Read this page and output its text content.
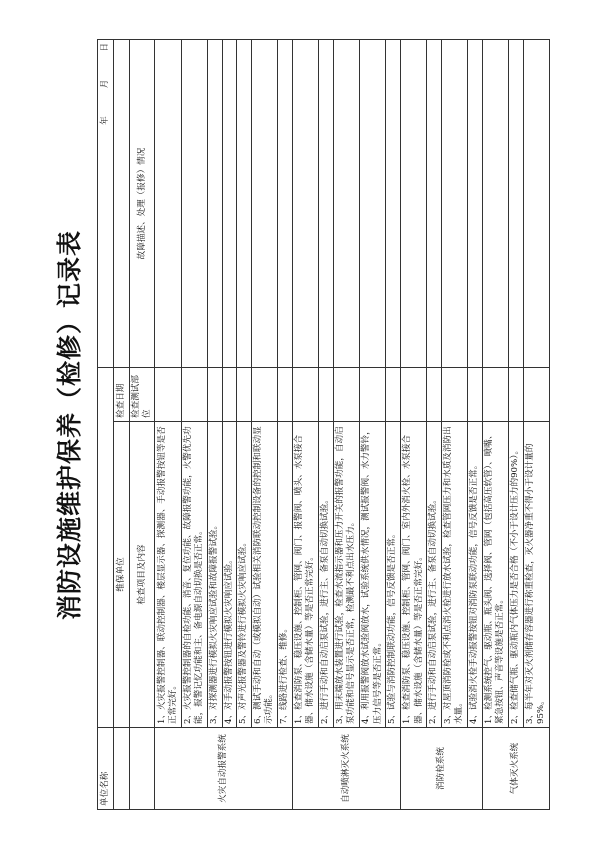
消防设施维护保养（检修）记录表
单位名称			年月日
	维保单位	检查日期	
	检查项目及内容	检查测试部位	故障描述、处理（报修）情况
火灾自动报警系统	1、火灾报警控制器、联动控制器、楼层显示器、探测器、手动报警按钮等是否正常完好。		
	2、火灾报警控制器的自检功能、消音、复位功能、故障报警功能，火警优先功能，报警记忆功能和主、备电源自动切换是否正常。		
	3、对探测器进行模拟火灾响应试验和故障报警试验。		
	4、对手动报警按钮进行模拟火灾响应试验。		
	5、对声光报警器及警铃进行模拟火灾响应试验。		
	6、测试手动和自动（或模拟自动）试验相关消防联动控制设备的控制和联动显示功能。		
	7、线路进行检查、维修。		
自动喷淋灭火系统	1、检查消防泵、稳压设施、控制柜、管网、阀门、报警阀、喷头、水泵接合器、储水设施（含储水量）等是否正常完好。		
	2、进行手动和自动启泵试验，进行主、备泵自动切换试验。		
	3、用末端放水装置进行试验，检查水流指示器和压力开关的报警功能，自动启泵功能和信号显示是否正常，检测最不利点出水压力。		
	4、利用报警阀放水试验阀放水，试验系统供水情况，测试报警阀、水力警铃，压力信号等是否正常。		
	5、试验与消防控制联动功能，信号反馈是否正常。		
消防栓系统	1、检查消防泵、稳压设施、控制柜、管网、阀门、室内外消火栓、水泵接合器、储水设施（含储水量）等是否正常完好。		
	2、进行手动和自动启泵试验，进行主、备泵自动切换试验。		
	3、对屋顶消防栓或不利点消火栓进行放水试验，检查管网压力和水质及消防出水量。		
	4、试验消火栓手动报警按钮对消防泵联动功能，信号反馈是否正常。		
气体灭火系统	1、检测系统控气、驱动瓶、瓶头阀、选择阀、管网（包括高压软管）、喷嘴、紧急按钮、声音等设施是否正常。		
	2、检查储气瓶、驱动瓶内气体压力是否合格（不小于设计压力的90%）。		
	3、每半年对灭火剂储存容器进行称重检查，灭火器净重不得小于设计量的95%。		
